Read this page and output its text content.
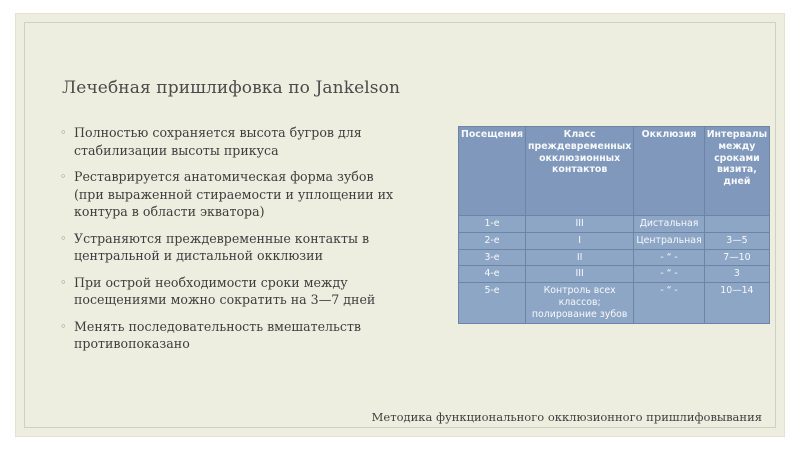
Лечебная пришлифовка по Jankelson
◦ Полностью сохраняется высота бугров для стабилизации высоты прикуса
◦ Реставрируется анатомическая форма зубов (при выраженной стираемости и уплощении их контура в области экватора)
◦ Устраняются преждевременные контакты в центральной и дистальной окклюзии
◦ При острой необходимости сроки между посещениями можно сократить на 3—7 дней
◦ Менять последовательность вмешательств противопоказано
Посещения	Класс преждевременных окклюзионных контактов	Окклюзия	Интервалы между сроками визита, дней
1-е	III	Дистальная	
2-е	I	Центральная	3—5
3-е	II	- “ -	7—10
4-е	III	- “ -	3
5-е	Контроль всех классов; полирование зубов	- “ -	10—14
Методика функционального окклюзионного пришлифовывания
